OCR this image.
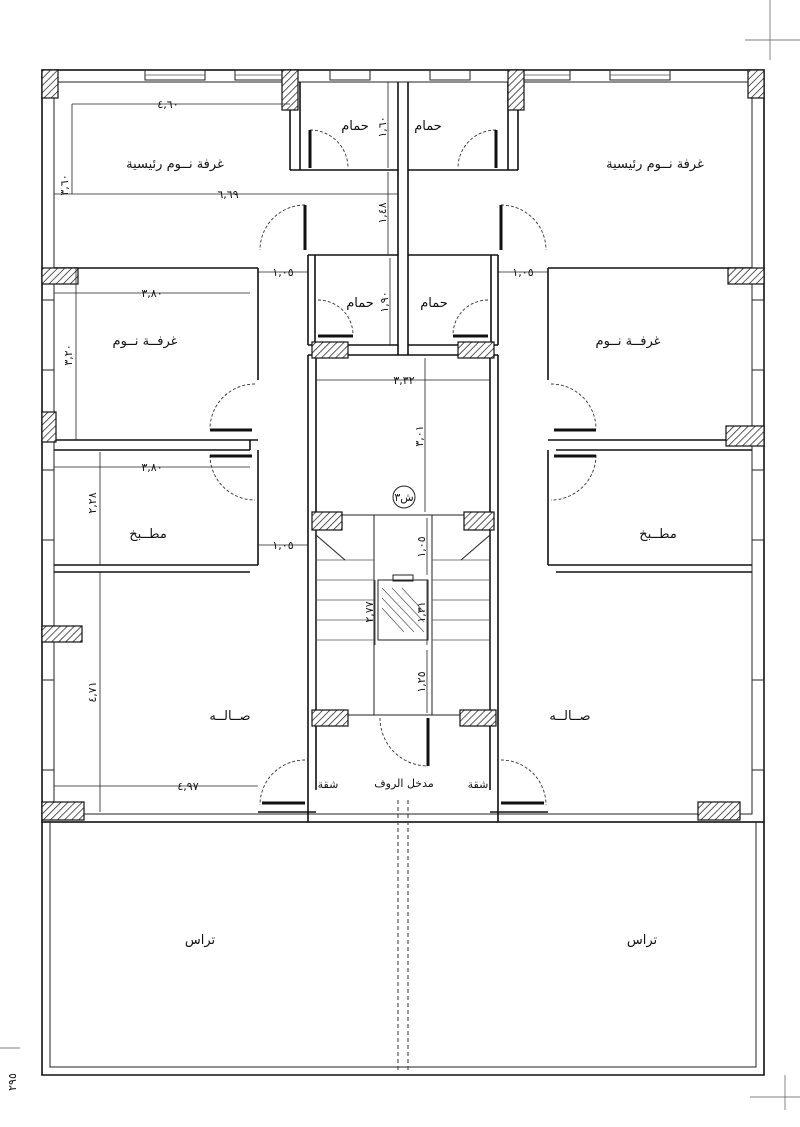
غرفة نــوم رئيسية	غرفة نــوم رئيسية
حمام	حمام
حمام	حمام
غرفــة نــوم	غرفــة نــوم
مطــبخ	مطــبخ
صــالــه	صــالــه
تراس	تراس
شقة	شقة
مدخل الروف
ش٣
٤,٦٠
٣,٦٠	٦,٦٩
١,٦٠
١,٤٨
١,٩٠
١,٠٥	١,٠٥
٣,٨٠
٣,٢٠
٣,٣٢
٣,٠١
٣,٨٠
٢,٢٨
١,٠٥	١,٠٥
١,٣١
٢,٧٧
١,٢٥
٤,٧١
٤,٩٧
٢٩٥
